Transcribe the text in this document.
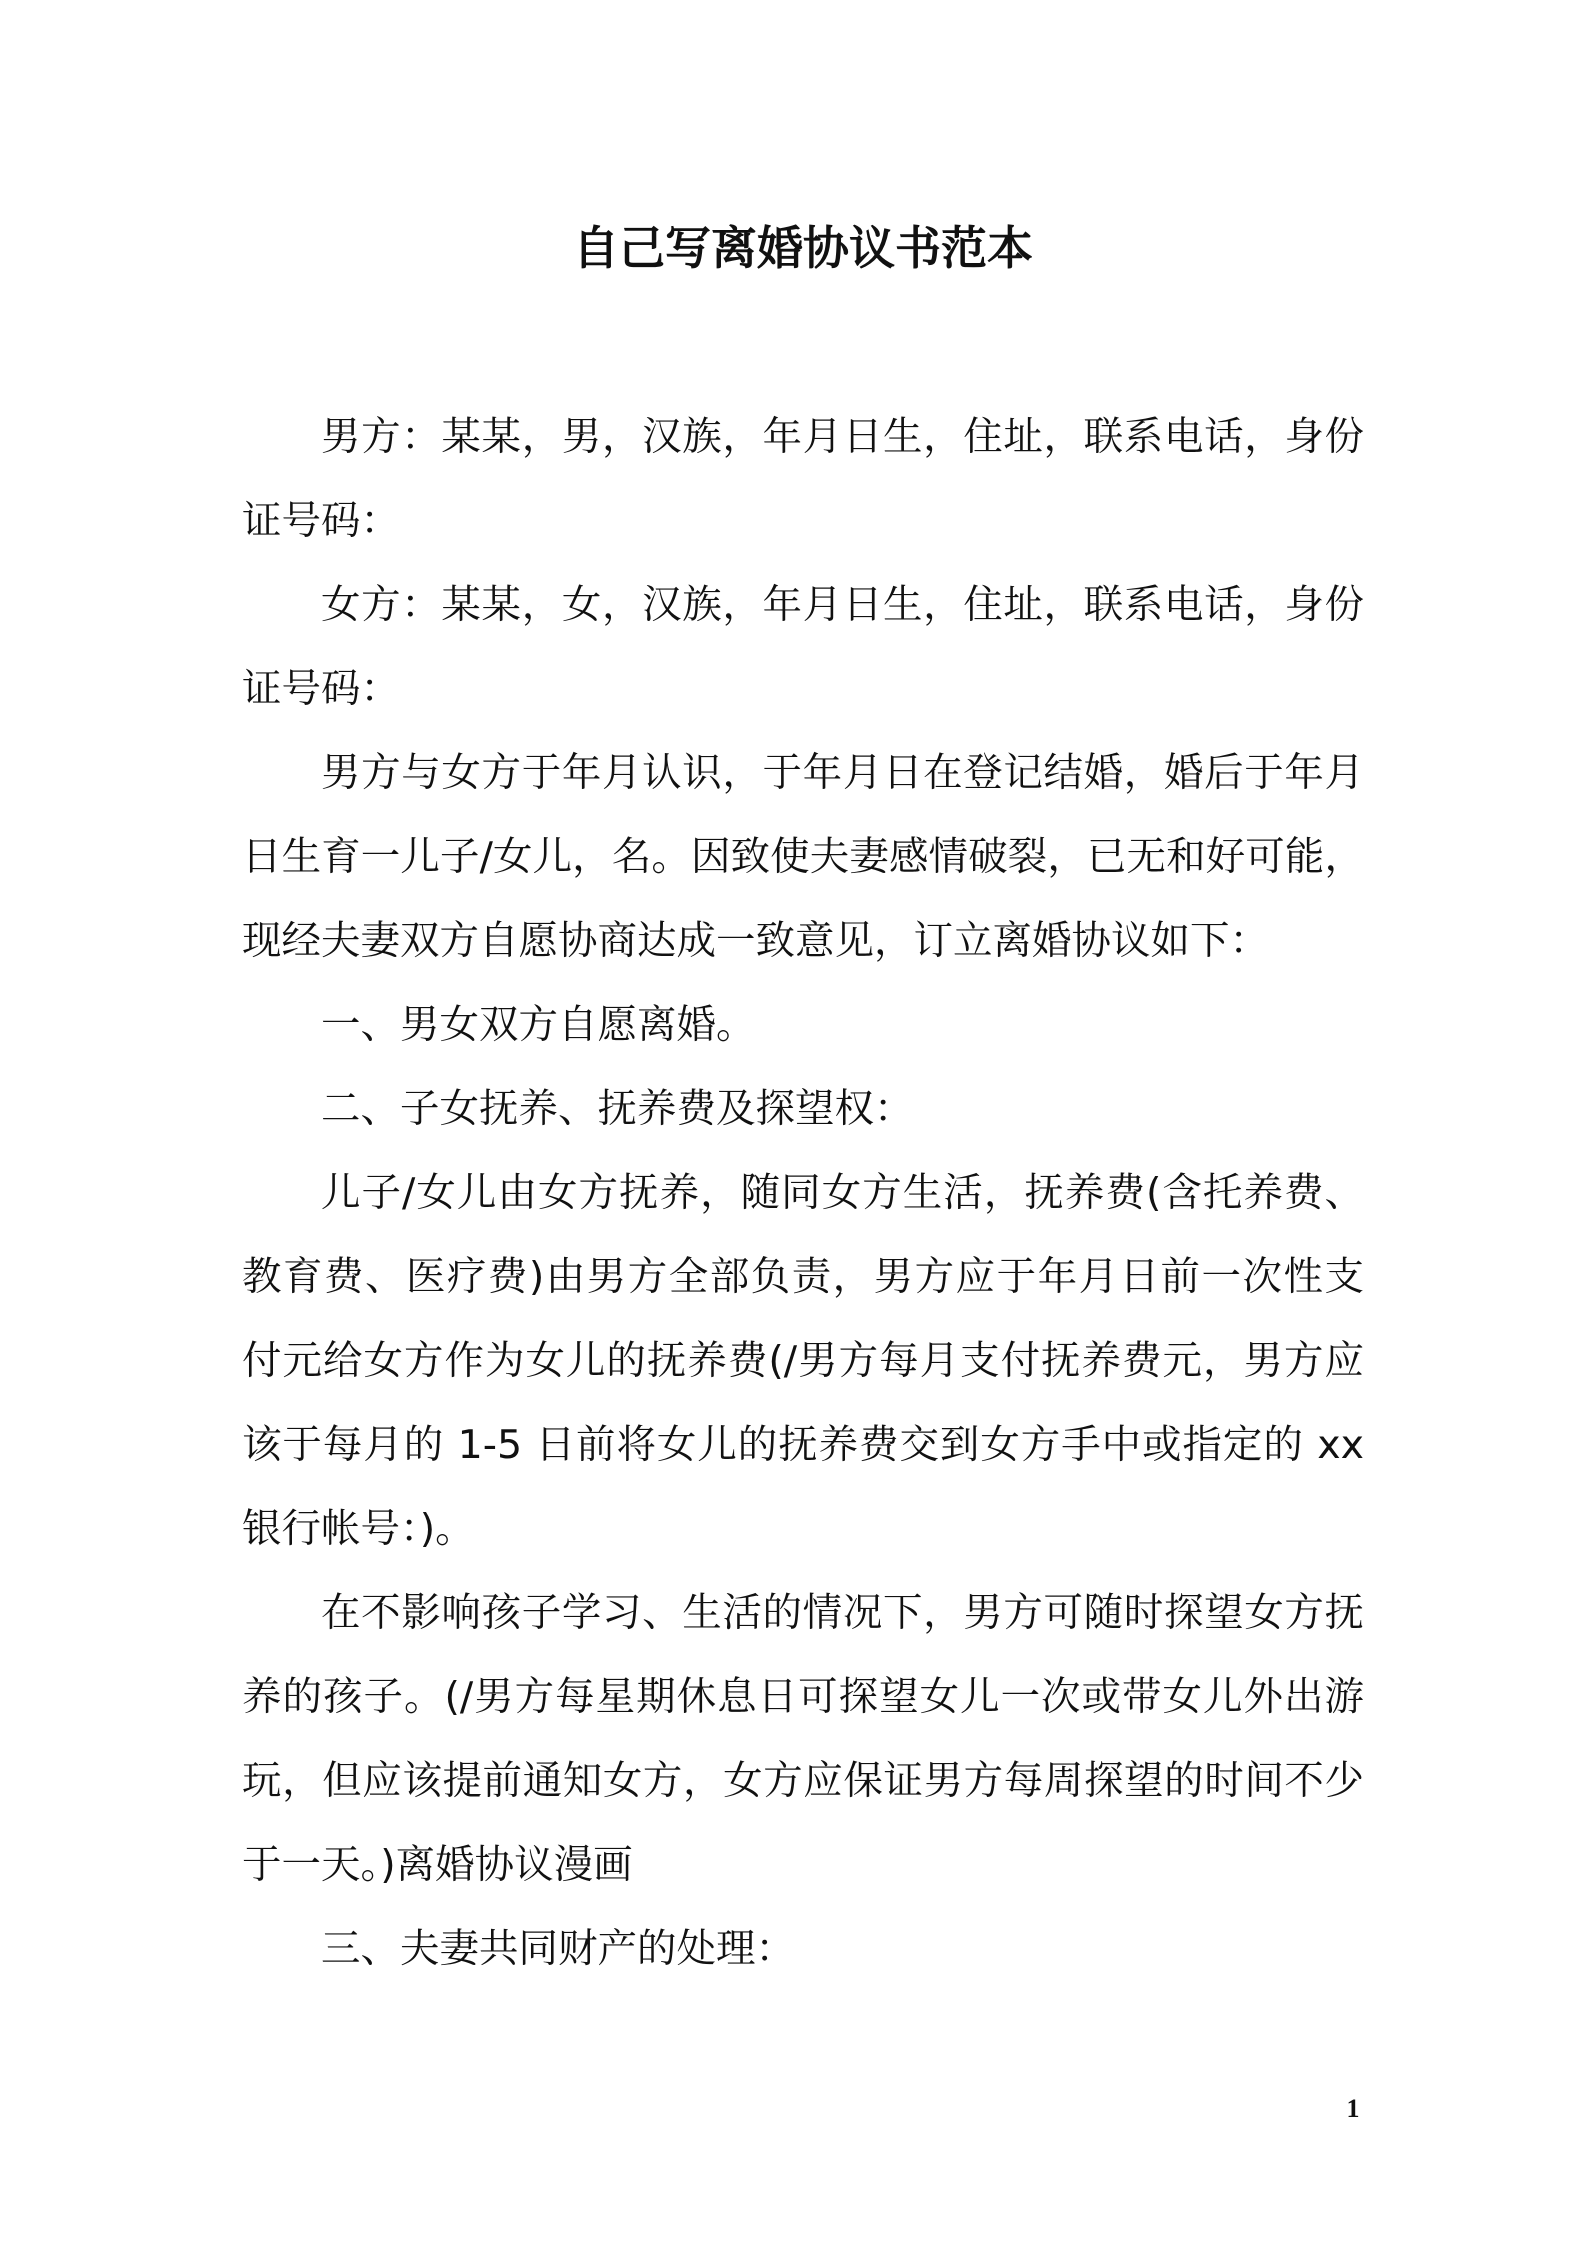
自己写离婚协议书范本
男方：某某，男，汉族，年月日生，住址，联系电话，身份
证号码：
女方：某某，女，汉族，年月日生，住址，联系电话，身份
证号码：
男方与女方于年月认识，于年月日在登记结婚，婚后于年月
日生育一儿子/女儿，名。因致使夫妻感情破裂，已无和好可能，
现经夫妻双方自愿协商达成一致意见，订立离婚协议如下：
一、男女双方自愿离婚。
二、子女抚养、抚养费及探望权：
儿子/女儿由女方抚养，随同女方生活，抚养费(含托养费、
教育费、医疗费)由男方全部负责，男方应于年月日前一次性支
付元给女方作为女儿的抚养费(/男方每月支付抚养费元，男方应
该于每月的 1-5 日前将女儿的抚养费交到女方手中或指定的 xx
银行帐号：)。
在不影响孩子学习、生活的情况下，男方可随时探望女方抚
养的孩子。(/男方每星期休息日可探望女儿一次或带女儿外出游
玩，但应该提前通知女方，女方应保证男方每周探望的时间不少
于一天。)离婚协议漫画
三、夫妻共同财产的处理：
1
